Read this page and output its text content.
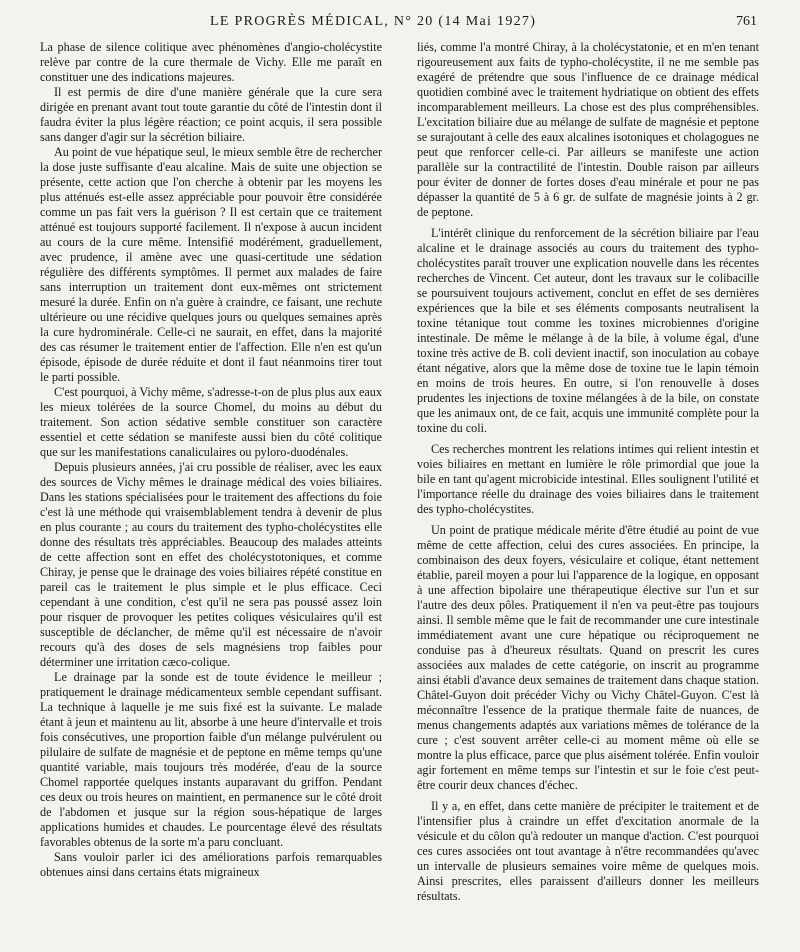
LE PROGRÈS MÉDICAL, N° 20 (14 Mai 1927)	761

La phase de silence colitique avec phénomènes d'angio-cholécystite relève par contre de la cure thermale de Vichy. Elle me paraît en constituer une des indications majeures.

Il est permis de dire d'une manière générale que la cure sera dirigée en prenant avant tout toute garantie du côté de l'intestin dont il faudra éviter la plus légère réaction; ce point acquis, il sera possible sans danger d'agir sur la sécrétion biliaire.

Au point de vue hépatique seul, le mieux semble être de rechercher la dose juste suffisante d'eau alcaline. Mais de suite une objection se présente, cette action que l'on cherche à obtenir par les moyens les plus atténués est-elle assez appréciable pour pouvoir être considérée comme un pas fait vers la guérison ? Il est certain que ce traitement atténué est toujours supporté facilement. Il n'expose à aucun incident au cours de la cure même. Intensifié modérément, graduellement, avec prudence, il amène avec une quasi-certitude une sédation régulière des différents symptômes. Il permet aux malades de faire sans interruption un traitement dont eux-mêmes ont strictement mesuré la durée. Enfin on n'a guère à craindre, ce faisant, une rechute ultérieure ou une récidive quelques jours ou quelques semaines après la cure hydrominérale. Celle-ci ne saurait, en effet, dans la majorité des cas résumer le traitement entier de l'affection. Elle n'en est qu'un épisode, épisode de durée réduite et dont il faut néanmoins tirer tout le parti possible.

C'est pourquoi, à Vichy même, s'adresse-t-on de plus plus aux eaux les mieux tolérées de la source Chomel, du moins au début du traitement. Son action sédative semble constituer son caractère essentiel et cette sédation se manifeste aussi bien du côté colitique que sur les manifestations canaliculaires ou pyloro-duodénales.

Depuis plusieurs années, j'ai cru possible de réaliser, avec les eaux des sources de Vichy mêmes le drainage médical des voies biliaires. Dans les stations spécialisées pour le traitement des affections du foie c'est là une méthode qui vraisemblablement tendra à devenir de plus en plus courante ; au cours du traitement des typho-cholécystites elle donne des résultats très appréciables. Beaucoup des malades atteints de cette affection sont en effet des cholécystotoniques, et comme Chiray, je pense que le drainage des voies biliaires répété constitue en pareil cas le traitement le plus simple et le plus efficace. Ceci cependant à une condition, c'est qu'il ne sera pas poussé assez loin pour risquer de provoquer les petites coliques vésiculaires qu'il est susceptible de déclancher, de même qu'il est nécessaire de n'avoir recours qu'à des doses de sels magnésiens trop faibles pour déterminer une irritation cæco-colique.

Le drainage par la sonde est de toute évidence le meilleur ; pratiquement le drainage médicamenteux semble cependant suffisant. La technique à laquelle je me suis fixé est la suivante. Le malade étant à jeun et maintenu au lit, absorbe à une heure d'intervalle et trois fois consécutives, une proportion faible d'un mélange pulvérulent ou pilulaire de sulfate de magnésie et de peptone en même temps qu'une quantité variable, mais toujours très modérée, d'eau de la source Chomel rapportée quelques instants auparavant du griffon. Pendant ces deux ou trois heures on maintient, en permanence sur le côté droit de l'abdomen et jusque sur la région sous-hépatique de larges applications humides et chaudes. Le pourcentage élevé des résultats favorables obtenus de la sorte m'a paru concluant.

Sans vouloir parler ici des améliorations parfois remarquables obtenues ainsi dans certains états migraineux

liés, comme l'a montré Chiray, à la cholécystatonie, et en m'en tenant rigoureusement aux faits de typho-cholécystite, il ne me semble pas exagéré de prétendre que sous l'influence de ce drainage médical quotidien combiné avec le traitement hydriatique on obtient des effets incomparablement meilleurs. La chose est des plus compréhensibles. L'excitation biliaire due au mélange de sulfate de magnésie et peptone se surajoutant à celle des eaux alcalines isotoniques et cholagogues ne peut que renforcer celle-ci. Par ailleurs se manifeste une action parallèle sur la contractilité de l'intestin. Double raison par ailleurs pour éviter de donner de fortes doses d'eau minérale et pour ne pas dépasser la quantité de 5 à 6 gr. de sulfate de magnésie joints à 2 gr. de peptone.

L'intérêt clinique du renforcement de la sécrétion biliaire par l'eau alcaline et le drainage associés au cours du traitement des typho-cholécystites paraît trouver une explication nouvelle dans les récentes recherches de Vincent. Cet auteur, dont les travaux sur le colibacille se poursuivent toujours activement, conclut en effet de ses dernières expériences que la bile et ses éléments composants neutralisent la toxine tétanique tout comme les toxines microbiennes d'origine intestinale. De même le mélange à de la bile, à volume égal, d'une toxine très active de B. coli devient inactif, son inoculation au cobaye étant négative, alors que la même dose de toxine tue le lapin témoin en moins de trois heures. En outre, si l'on renouvelle à doses prudentes les injections de toxine mélangées à de la bile, on constate que les animaux ont, de ce fait, acquis une immunité complète pour la toxine du coli.

Ces recherches montrent les relations intimes qui relient intestin et voies biliaires en mettant en lumière le rôle primordial que joue la bile en tant qu'agent microbicide intestinal. Elles soulignent l'utilité et l'importance réelle du drainage des voies biliaires dans le traitement des typho-cholécystites.

Un point de pratique médicale mérite d'être étudié au point de vue même de cette affection, celui des cures associées. En principe, la combinaison des deux foyers, vésiculaire et colique, étant nettement établie, pareil moyen a pour lui l'apparence de la logique, en opposant à une affection bipolaire une thérapeutique élective sur l'un et sur l'autre des deux pôles. Pratiquement il n'en va peut-être pas toujours ainsi. Il semble même que le fait de recommander une cure intestinale immédiatement avant une cure hépatique ou réciproquement ne conduise pas à d'heureux résultats. Quand on prescrit les cures associées aux malades de cette catégorie, on inscrit au programme ainsi établi d'avance deux semaines de traitement dans chaque station. Châtel-Guyon doit précéder Vichy ou Vichy Châtel-Guyon. C'est là méconnaître l'essence de la pratique thermale faite de nuances, de menus changements adaptés aux variations mêmes de tolérance de la cure ; c'est souvent arrêter celle-ci au moment même où elle se montre la plus efficace, parce que plus aisément tolérée. Enfin vouloir agir fortement en même temps sur l'intestin et sur le foie c'est peut-être courir deux chances d'échec.

Il y a, en effet, dans cette manière de précipiter le traitement et de l'intensifier plus à craindre un effet d'excitation anormale de la vésicule et du côlon qu'à redouter un manque d'action. C'est pourquoi ces cures associées ont tout avantage à n'être recommandées qu'avec un intervalle de plusieurs semaines voire même de quelques mois. Ainsi prescrites, elles paraissent d'ailleurs donner les meilleurs résultats.
